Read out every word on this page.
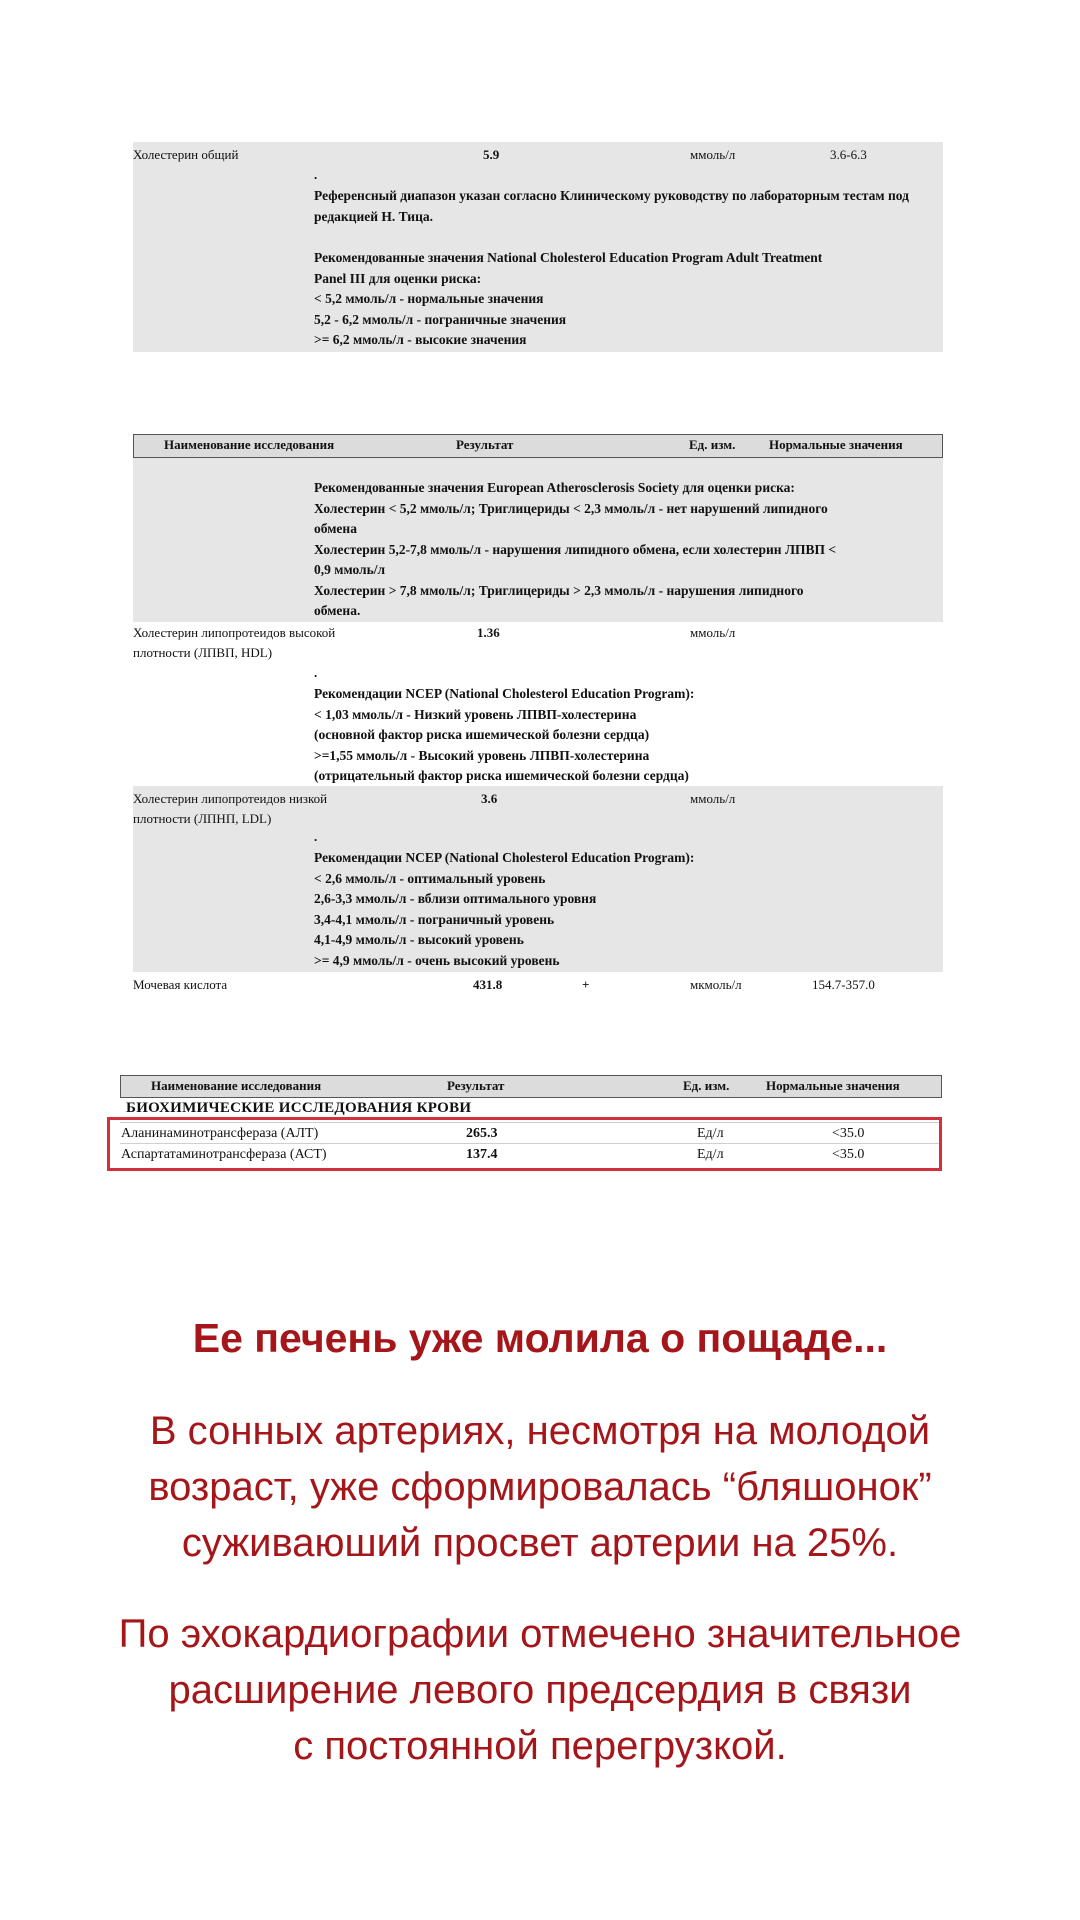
Холестерин общий	5.9	ммоль/л	3.6-6.3
.
Референсный диапазон указан согласно Клиническому руководству по лабораторным тестам под редакцией Н. Тица.
Рекомендованные значения National Cholesterol Education Program Adult Treatment
Panel III для оценки риска:
< 5,2 ммоль/л - нормальные значения
5,2 - 6,2 ммоль/л - пограничные значения
>= 6,2 ммоль/л - высокие значения
Наименование исследования	Результат	Ед. изм.	Нормальные значения
Рекомендованные значения European Atherosclerosis Society для оценки риска:
Холестерин < 5,2 ммоль/л; Триглицериды < 2,3 ммоль/л - нет нарушений липидного
обмена
Холестерин 5,2-7,8 ммоль/л - нарушения липидного обмена, если холестерин ЛПВП <
0,9 ммоль/л
Холестерин > 7,8 ммоль/л; Триглицериды > 2,3 ммоль/л - нарушения липидного
обмена.
Холестерин липопротеидов высокой
плотности (ЛПВП, HDL)
1.36	ммоль/л
.
Рекомендации NCEP (National Cholesterol Education Program):
< 1,03 ммоль/л - Низкий уровень ЛПВП-холестерина
(основной фактор риска ишемической болезни сердца)
>=1,55 ммоль/л - Высокий уровень ЛПВП-холестерина
(отрицательный фактор риска ишемической болезни сердца)
Холестерин липопротеидов низкой
плотности (ЛПНП, LDL)
3.6	ммоль/л
.
Рекомендации NCEP (National Cholesterol Education Program):
< 2,6 ммоль/л - оптимальный уровень
2,6-3,3 ммоль/л - вблизи оптимального уровня
3,4-4,1 ммоль/л - пограничный уровень
4,1-4,9 ммоль/л - высокий уровень
>= 4,9 ммоль/л - очень высокий уровень
Мочевая кислота	431.8	+	мкмоль/л	154.7-357.0
Наименование исследования	Результат	Ед. изм.	Нормальные значения
БИОХИМИЧЕСКИЕ ИССЛЕДОВАНИЯ КРОВИ
Аланинаминотрансфераза (АЛТ)	265.3	Ед/л	<35.0
Аспартатаминотрансфераза (АСТ)	137.4	Ед/л	<35.0
Ее печень уже молила о пощаде...
В сонных артериях, несмотря на молодой
возраст, уже сформировалась “бляшонок”
суживаюший просвет артерии на 25%.
По эхокардиографии отмечено значительное
расширение левого предсердия в связи
с постоянной перегрузкой.
